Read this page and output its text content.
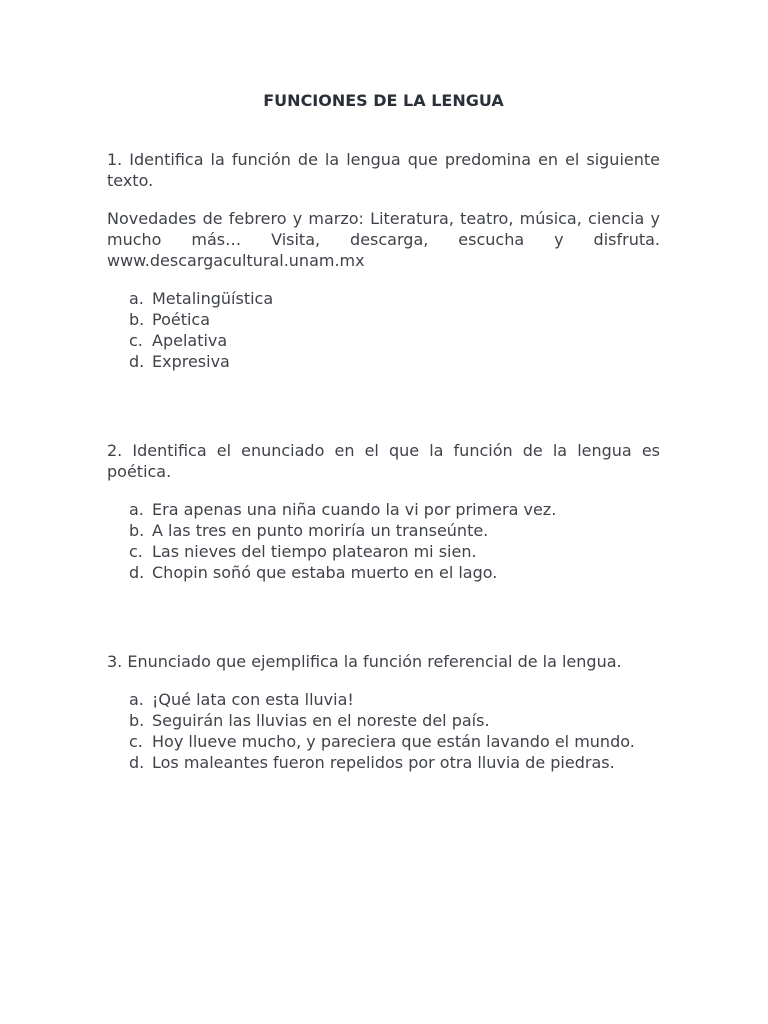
FUNCIONES DE LA LENGUA

1. Identifica la función de la lengua que predomina en el siguiente texto.

Novedades de febrero y marzo: Literatura, teatro, música, ciencia y mucho más… Visita, descarga, escucha y disfruta. www.descargacultural.unam.mx

a. Metalingüística
b. Poética
c. Apelativa
d. Expresiva

2. Identifica el enunciado en el que la función de la lengua es poética.

a. Era apenas una niña cuando la vi por primera vez.
b. A las tres en punto moriría un transeúnte.
c. Las nieves del tiempo platearon mi sien.
d. Chopin soñó que estaba muerto en el lago.

3. Enunciado que ejemplifica la función referencial de la lengua.

a. ¡Qué lata con esta lluvia!
b. Seguirán las lluvias en el noreste del país.
c. Hoy llueve mucho, y pareciera que están lavando el mundo.
d. Los maleantes fueron repelidos por otra lluvia de piedras.
